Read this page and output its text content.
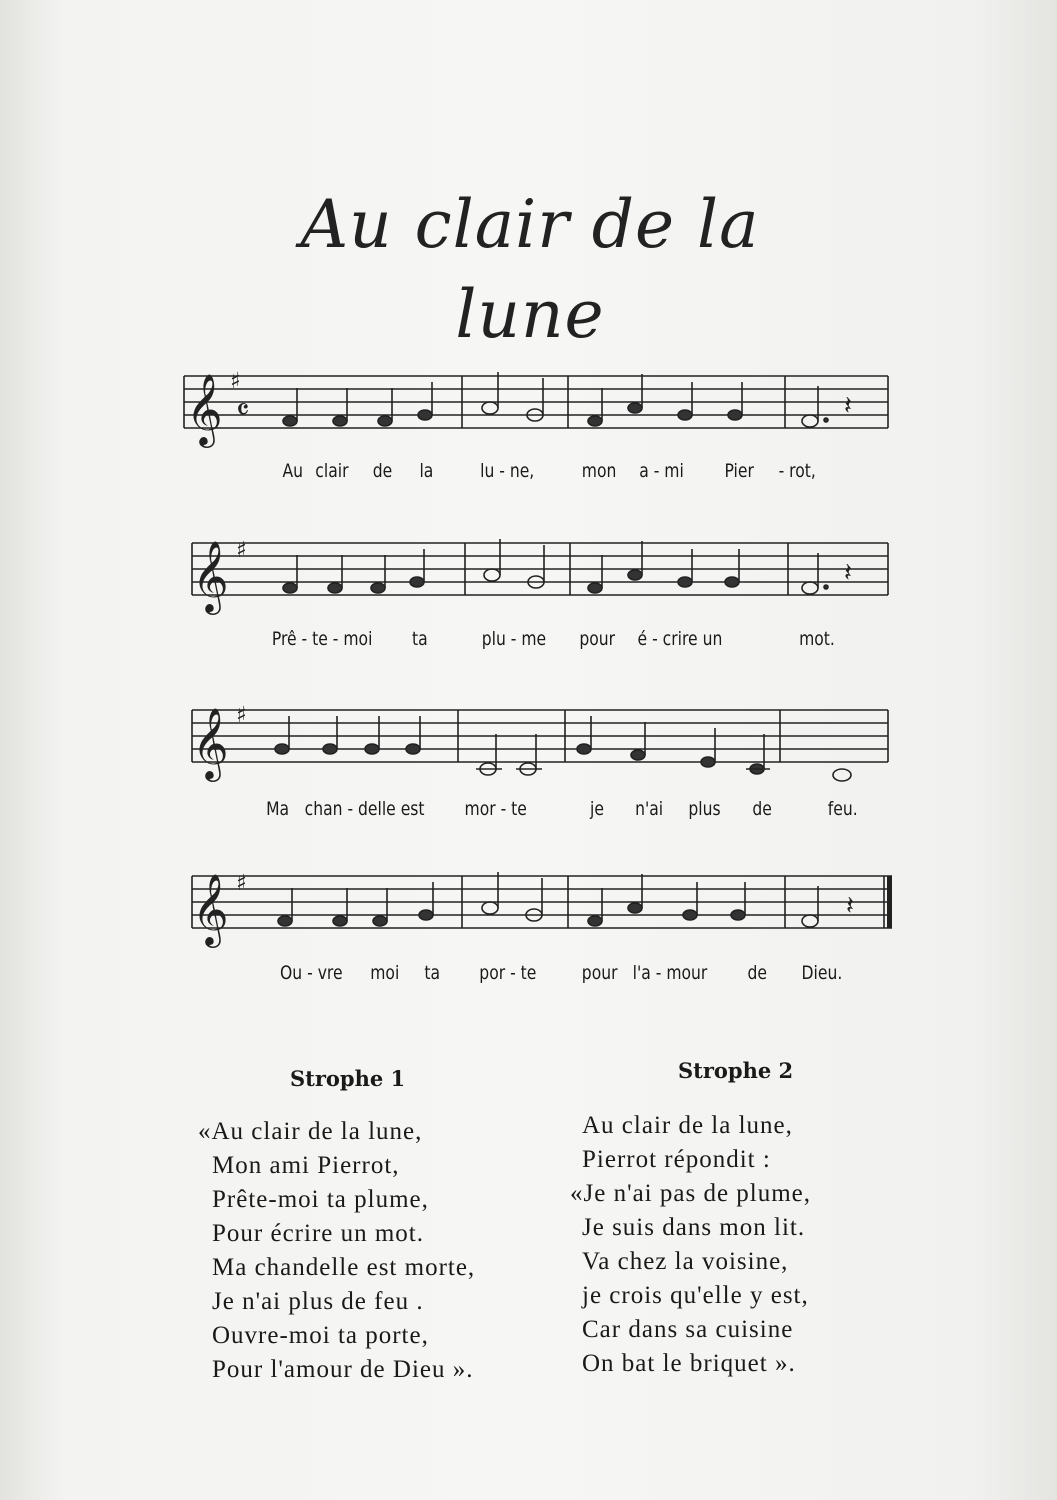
Au clair de la lune
𝄞 ♯
𝄴	𝄽
Au clair de la lu - ne,	mon a - mi Pier - rot,
𝄞 ♯
𝄽
Prê - te - moi ta	plu - me pour é - crire un	mot.
𝄞 ♯
Ma chan - delle est mor - te	je n'ai plus de	feu.
𝄞 ♯
𝄽
Ou - vre moi ta por - te pour l'a - mour de Dieu.
Strophe 1	Strophe 2
«Au clair de la lune,
Mon ami Pierrot,
Prête-moi ta plume,
Pour écrire un mot.
Ma chandelle est morte,
Je n'ai plus de feu .
Ouvre-moi ta porte,
Pour l'amour de Dieu ».
Au clair de la lune,
Pierrot répondit :
«Je n'ai pas de plume,
Je suis dans mon lit.
Va chez la voisine,
je crois qu'elle y est,
Car dans sa cuisine
On bat le briquet ».
